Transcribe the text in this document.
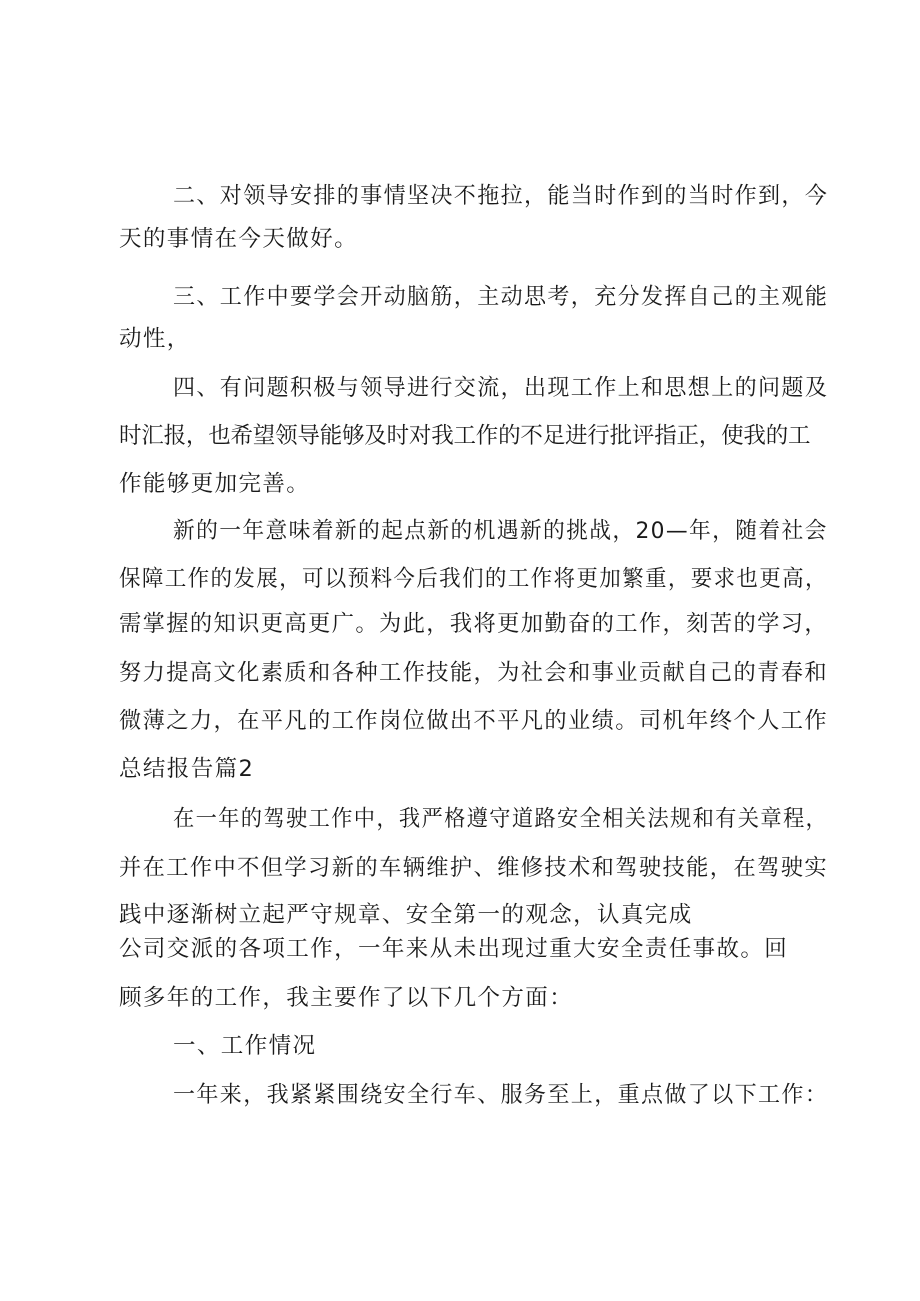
二、对领导安排的事情坚决不拖拉，能当时作到的当时作到，今
天的事情在今天做好。
三、工作中要学会开动脑筋，主动思考，充分发挥自己的主观能
动性，
四、有问题积极与领导进行交流，出现工作上和思想上的问题及
时汇报，也希望领导能够及时对我工作的不足进行批评指正，使我的工
作能够更加完善。
新的一年意味着新的起点新的机遇新的挑战，20—年，随着社会
保障工作的发展，可以预料今后我们的工作将更加繁重，要求也更高，
需掌握的知识更高更广。为此，我将更加勤奋的工作，刻苦的学习，
努力提高文化素质和各种工作技能，为社会和事业贡献自己的青春和
微薄之力，在平凡的工作岗位做出不平凡的业绩。司机年终个人工作
总结报告篇2
在一年的驾驶工作中，我严格遵守道路安全相关法规和有关章程，
并在工作中不但学习新的车辆维护、维修技术和驾驶技能，在驾驶实
践中逐渐树立起严守规章、安全第一的观念，认真完成
公司交派的各项工作，一年来从未出现过重大安全责任事故。回
顾多年的工作，我主要作了以下几个方面：
一、工作情况
一年来，我紧紧围绕安全行车、服务至上，重点做了以下工作：
